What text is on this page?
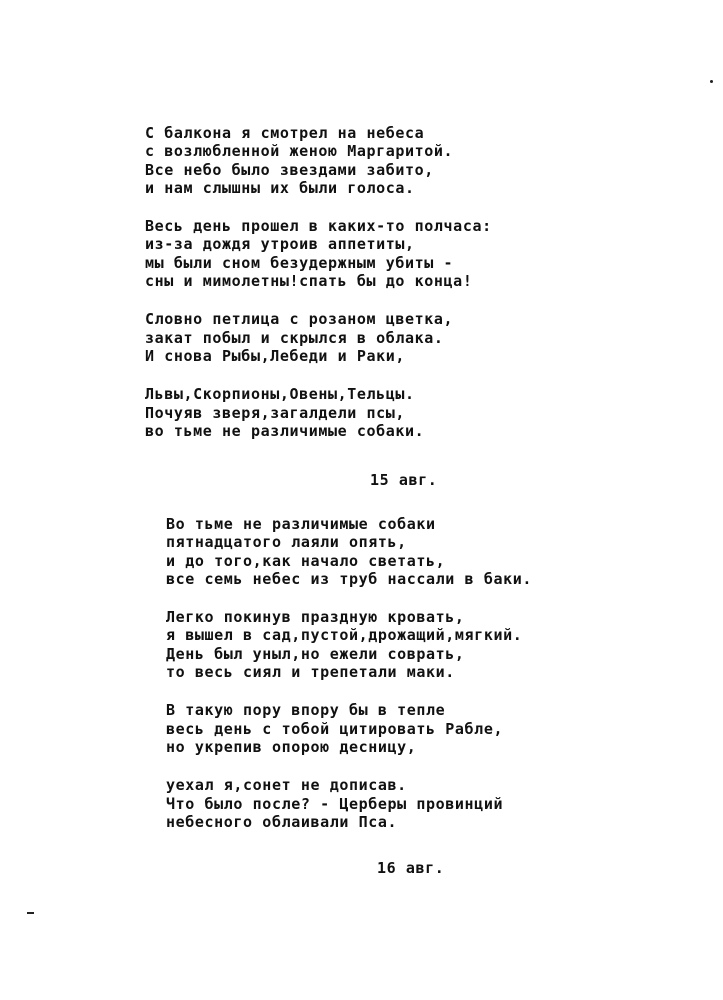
С балкона я смотрел на небеса
с возлюбленной женою Маргаритой.
Все небо было звездами забито,
и нам слышны их были голоса.
Весь день прошел в каких-то полчаса:
из-за дождя утроив аппетиты,
мы были сном безудержным убиты -
сны и мимолетны!спать бы до конца!
Словно петлица с розаном цветка,
закат побыл и скрылся в облака.
И снова Рыбы,Лебеди и Раки,
Львы,Скорпионы,Овены,Тельцы.
Почуяв зверя,загалдели псы,
во тьме не различимые собаки.
15 авг.
Во тьме не различимые собаки
пятнадцатого лаяли опять,
и до того,как начало светать,
все семь небес из труб нассали в баки.
Легко покинув праздную кровать,
я вышел в сад,пустой,дрожащий,мягкий.
День был уныл,но ежели соврать,
то весь сиял и трепетали маки.
В такую пору впору бы в тепле
весь день с тобой цитировать Рабле,
но укрепив опорою десницу,
уехал я,сонет не дописав.
Что было после? - Церберы провинций
небесного облаивали Пса.
16 авг.
